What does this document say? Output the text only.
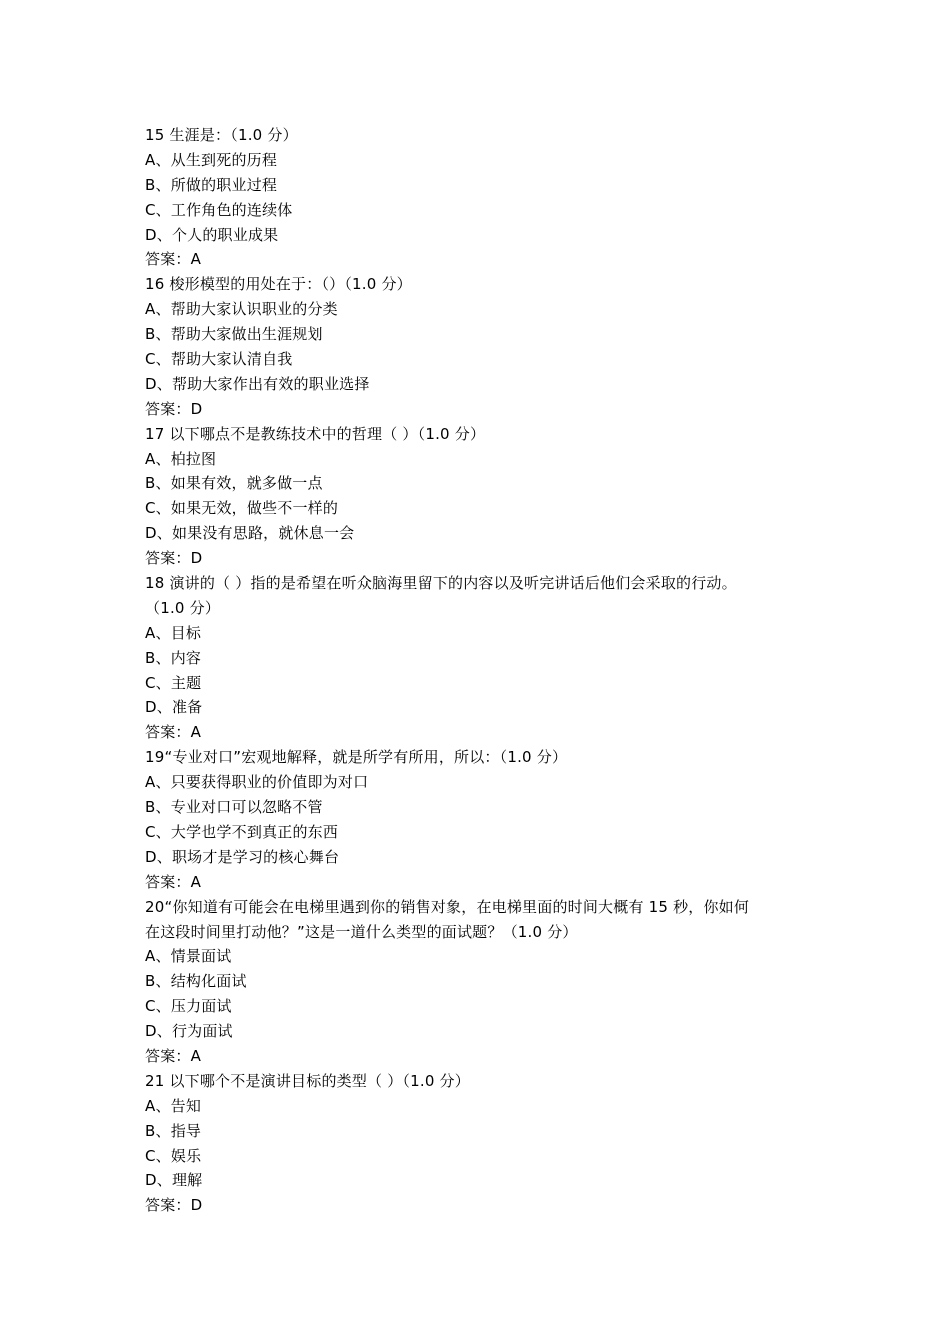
15 生涯是：（1.0 分）
A、从生到死的历程
B、所做的职业过程
C、工作角色的连续体
D、个人的职业成果
答案：A
16 梭形模型的用处在于：（）（1.0 分）
A、帮助大家认识职业的分类
B、帮助大家做出生涯规划
C、帮助大家认清自我
D、帮助大家作出有效的职业选择
答案：D
17 以下哪点不是教练技术中的哲理（ ）（1.0 分）
A、柏拉图
B、如果有效，就多做一点
C、如果无效，做些不一样的
D、如果没有思路，就休息一会
答案：D
18 演讲的（ ）指的是希望在听众脑海里留下的内容以及听完讲话后他们会采取的行动。
（1.0 分）
A、目标
B、内容
C、主题
D、准备
答案：A
19“专业对口”宏观地解释，就是所学有所用，所以：（1.0 分）
A、只要获得职业的价值即为对口
B、专业对口可以忽略不管
C、大学也学不到真正的东西
D、职场才是学习的核心舞台
答案：A
20“你知道有可能会在电梯里遇到你的销售对象，在电梯里面的时间大概有 15 秒，你如何
在这段时间里打动他？”这是一道什么类型的面试题？（1.0 分）
A、情景面试
B、结构化面试
C、压力面试
D、行为面试
答案：A
21 以下哪个不是演讲目标的类型（ ）（1.0 分）
A、告知
B、指导
C、娱乐
D、理解
答案：D
